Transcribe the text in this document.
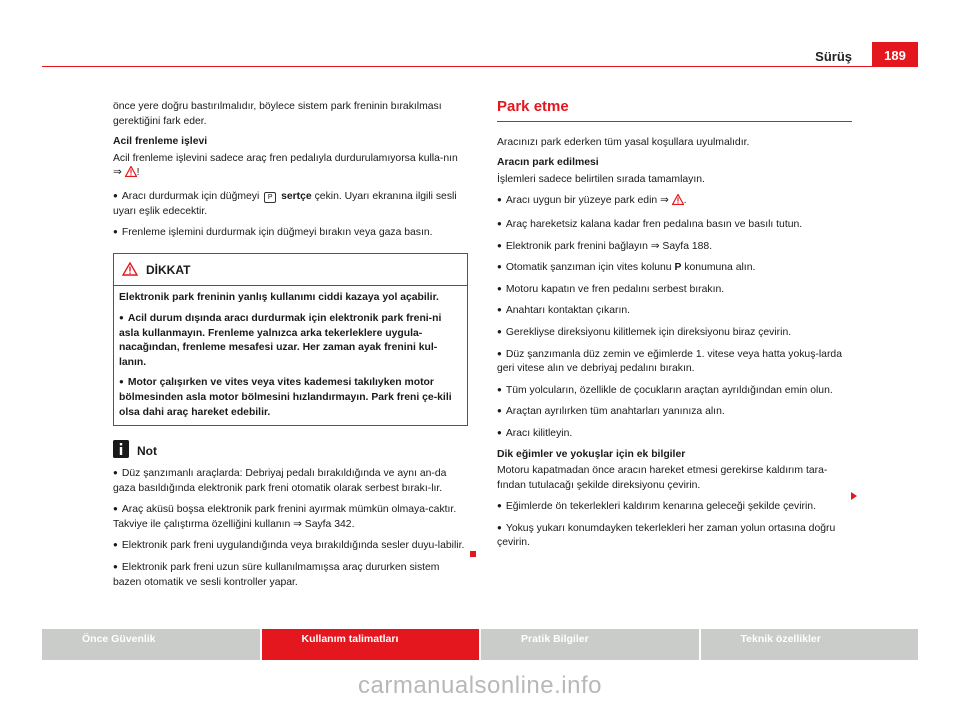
Sürüş	189

önce yere doğru bastırılmalıdır, böylece sistem park freninin bırakılması gerektiğini fark eder.

Acil frenleme işlevi

Acil frenleme işlevini sadece araç fren pedalıyla durdurulamıyorsa kulla-nın ⇒ !

● Aracı durdurmak için düğmeyi P sertçe çekin. Uyarı ekranına ilgili sesli uyarı eşlik edecektir.

● Frenleme işlemini durdurmak için düğmeyi bırakın veya gaza basın.

DİKKAT

Elektronik park freninin yanlış kullanımı ciddi kazaya yol açabilir.

● Acil durum dışında aracı durdurmak için elektronik park freni-ni asla kullanmayın. Frenleme yalnızca arka tekerleklere uygula-nacağından, frenleme mesafesi uzar. Her zaman ayak frenini kul-lanın.

● Motor çalışırken ve vites veya vites kademesi takılıyken motor bölmesinden asla motor bölmesini hızlandırmayın. Park freni çe-kili olsa dahi araç hareket edebilir.

Not

● Düz şanzımanlı araçlarda: Debriyaj pedalı bırakıldığında ve aynı an-da gaza basıldığında elektronik park freni otomatik olarak serbest bırakı-lır.

● Araç aküsü boşsa elektronik park frenini ayırmak mümkün olmaya-caktır. Takviye ile çalıştırma özelliğini kullanın ⇒ Sayfa 342.

● Elektronik park freni uygulandığında veya bırakıldığında sesler duyu-labilir.

● Elektronik park freni uzun süre kullanılmamışsa araç dururken sistem bazen otomatik ve sesli kontroller yapar.

Park etme

Aracınızı park ederken tüm yasal koşullara uyulmalıdır.

Aracın park edilmesi

İşlemleri sadece belirtilen sırada tamamlayın.

● Aracı uygun bir yüzeye park edin ⇒ .

● Araç hareketsiz kalana kadar fren pedalına basın ve basılı tutun.

● Elektronik park frenini bağlayın ⇒ Sayfa 188.

● Otomatik şanzıman için vites kolunu P konumuna alın.

● Motoru kapatın ve fren pedalını serbest bırakın.

● Anahtarı kontaktan çıkarın.

● Gerekliyse direksiyonu kilitlemek için direksiyonu biraz çevirin.

● Düz şanzımanla düz zemin ve eğimlerde 1. vitese veya hatta yokuş-larda geri vitese alın ve debriyaj pedalını bırakın.

● Tüm yolcuların, özellikle de çocukların araçtan ayrıldığından emin olun.

● Araçtan ayrılırken tüm anahtarları yanınıza alın.

● Aracı kilitleyin.

Dik eğimler ve yokuşlar için ek bilgiler

Motoru kapatmadan önce aracın hareket etmesi gerekirse kaldırım tara-fından tutulacağı şekilde direksiyonu çevirin.

● Eğimlerde ön tekerlekleri kaldırım kenarına geleceği şekilde çevirin.

● Yokuş yukarı konumdayken tekerlekleri her zaman yolun ortasına doğru çevirin.

Önce Güvenlik	Kullanım talimatları	Pratik Bilgiler	Teknik özellikler
carmanualsonline.info
